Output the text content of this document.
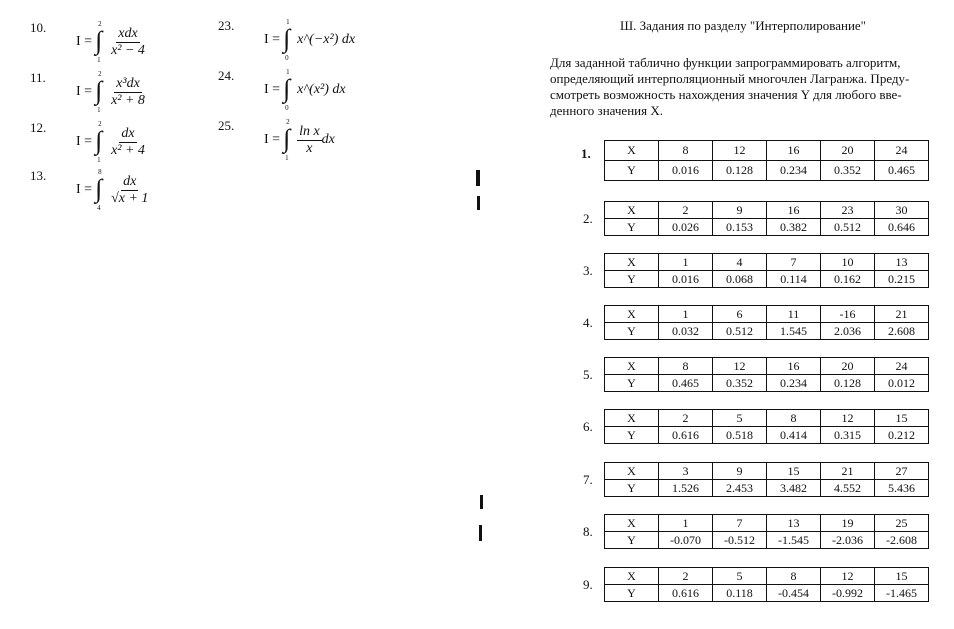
10.
I =
2
∫
1
$\frac{\text{xdx}}{\text{x² − 4}}$
11.
I =
2
∫
1
$\frac{\text{x³dx}}{\text{x² + 8}}$
12.
I =
2
∫
1
$\frac{dx}{\text{x² + 4}}$
13.
I =
8
∫
4
$\frac{dx}{√x + 1}$
23.
I =
1
∫
0
x^(−x²) dx
24.
I =
1
∫
0
x^(x²) dx
25.
I =
2
∫
1
$\frac{\text{ln x}}{x}$ dx
Ш. Задания по разделу "Интерполирование"
Для заданной таблично функции запрограммировать алгоритм,
определяющий интерполяционный многочлен Лагранжа. Преду-
смотреть возможность нахождения значения Y для любого вве-
денного значения X.
1.	X	8	12	16	20	24
Y	0.016	0.128	0.234	0.352	0.465
2.
X	2	9	16	23	30
Y	0.026	0.153	0.382	0.512	0.646
3.
X	1	4	7	10	13
Y	0.016	0.068	0.114	0.162	0.215
4.
X	1	6	11	-16	21
Y	0.032	0.512	1.545	2.036	2.608
5.
X	8	12	16	20	24
Y	0.465	0.352	0.234	0.128	0.012
6.
X	2	5	8	12	15
Y	0.616	0.518	0.414	0.315	0.212
7.
X	3	9	15	21	27
Y	1.526	2.453	3.482	4.552	5.436
8.
X	1	7	13	19	25
Y	-0.070	-0.512	-1.545	-2.036	-2.608
9.
X	2	5	8	12	15
Y	0.616	0.118	-0.454	-0.992	-1.465
